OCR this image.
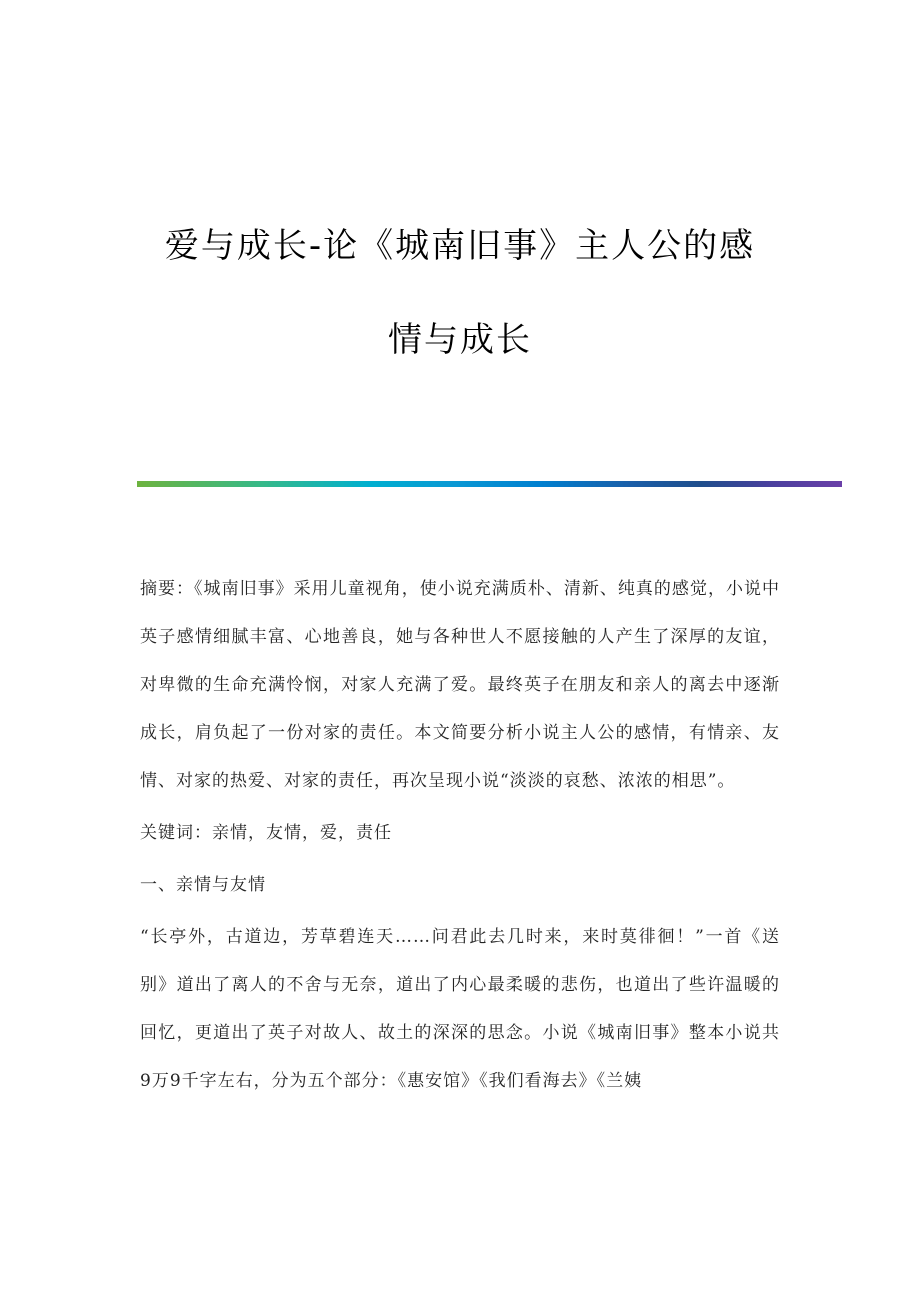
爱与成长-论《城南旧事》主人公的感
情与成长

摘要：《城南旧事》采用儿童视角，使小说充满质朴、清新、纯真的感觉，小说中英子感情细腻丰富、心地善良，她与各种世人不愿接触的人产生了深厚的友谊，对卑微的生命充满怜悯，对家人充满了爱。最终英子在朋友和亲人的离去中逐渐成长，肩负起了一份对家的责任。本文简要分析小说主人公的感情，有情亲、友情、对家的热爱、对家的责任，再次呈现小说“淡淡的哀愁、浓浓的相思”。

关键词：亲情，友情，爱，责任

一、亲情与友情

“长亭外，古道边，芳草碧连天……问君此去几时来，来时莫徘徊！”一首《送别》道出了离人的不舍与无奈，道出了内心最柔暖的悲伤，也道出了些许温暖的回忆，更道出了英子对故人、故土的深深的思念。小说《城南旧事》整本小说共9万9千字左右，分为五个部分：《惠安馆》《我们看海去》《兰姨
